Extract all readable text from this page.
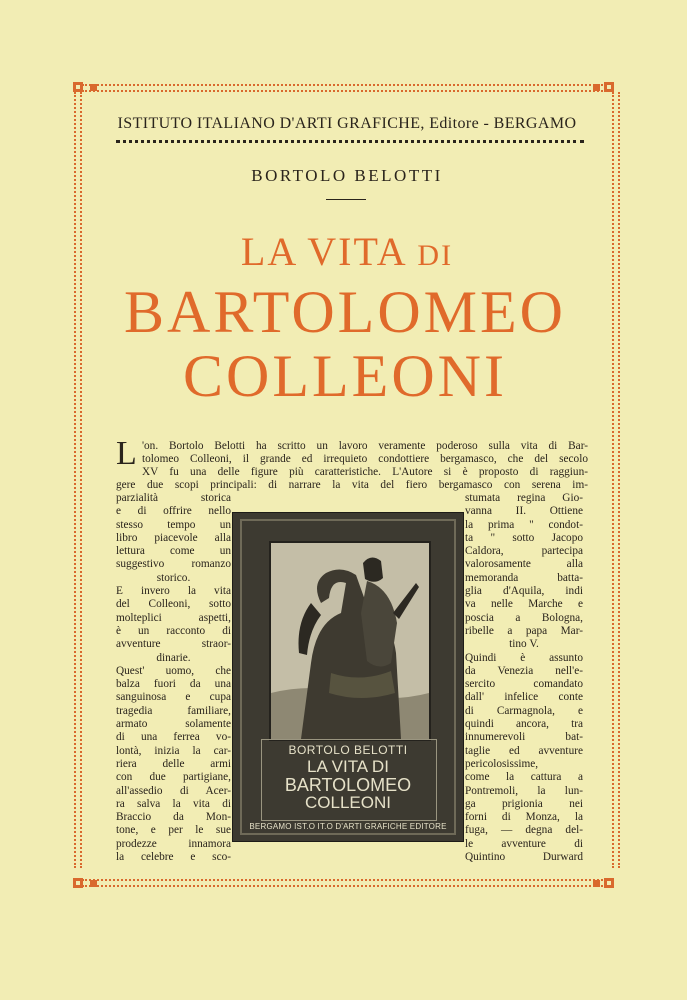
ISTITUTO ITALIANO D'ARTI GRAFICHE, Editore - BERGAMO
BORTOLO BELOTTI
LA VITA DI
BARTOLOMEO
COLLEONI
L 'on. Bortolo Belotti ha scritto un lavoro veramente poderoso sulla vita di Bar-
tolomeo Colleoni, il grande ed irrequieto condottiere bergamasco, che del secolo
XV fu una delle figure più caratteristiche. L'Autore si è proposto di raggiun-
gere due scopi principali: di narrare la vita del fiero bergamasco con serena im-
parzialità storica
e di offrire nello
stesso tempo un
libro piacevole alla
lettura come un
suggestivo romanzo
storico.
E invero la vita
del Colleoni, sotto
molteplici aspetti,
è un racconto di
avventure straor-
dinarie.
Quest' uomo, che
balza fuori da una
sanguinosa e cupa
tragedia familiare,
armato solamente
di una ferrea vo-
lontà, inizia la car-
riera delle armi
con due partigiane,
all'assedio di Acer-
ra salva la vita di
Braccio da Mon-
tone, e per le sue
prodezze innamora
la celebre e sco-
stumata regina Gio-
vanna II. Ottiene
la prima " condot-
ta " sotto Jacopo
Caldora, partecipa
valorosamente alla
memoranda batta-
glia d'Aquila, indi
va nelle Marche e
poscia a Bologna,
ribelle a papa Mar-
tino V.
Quindi è assunto
da Venezia nell'e-
sercito comandato
dall' infelice conte
di Carmagnola, e
quindi ancora, tra
innumerevoli bat-
taglie ed avventure
pericolosissime,
come la cattura a
Pontremoli, la lun-
ga prigionia nei
forni di Monza, la
fuga, — degna del-
le avventure di
Quintino Durward
BORTOLO BELOTTI
LA VITA DI
BARTOLOMEO
COLLEONI
BERGAMO IST.O IT.O D'ARTI GRAFICHE EDITORE
